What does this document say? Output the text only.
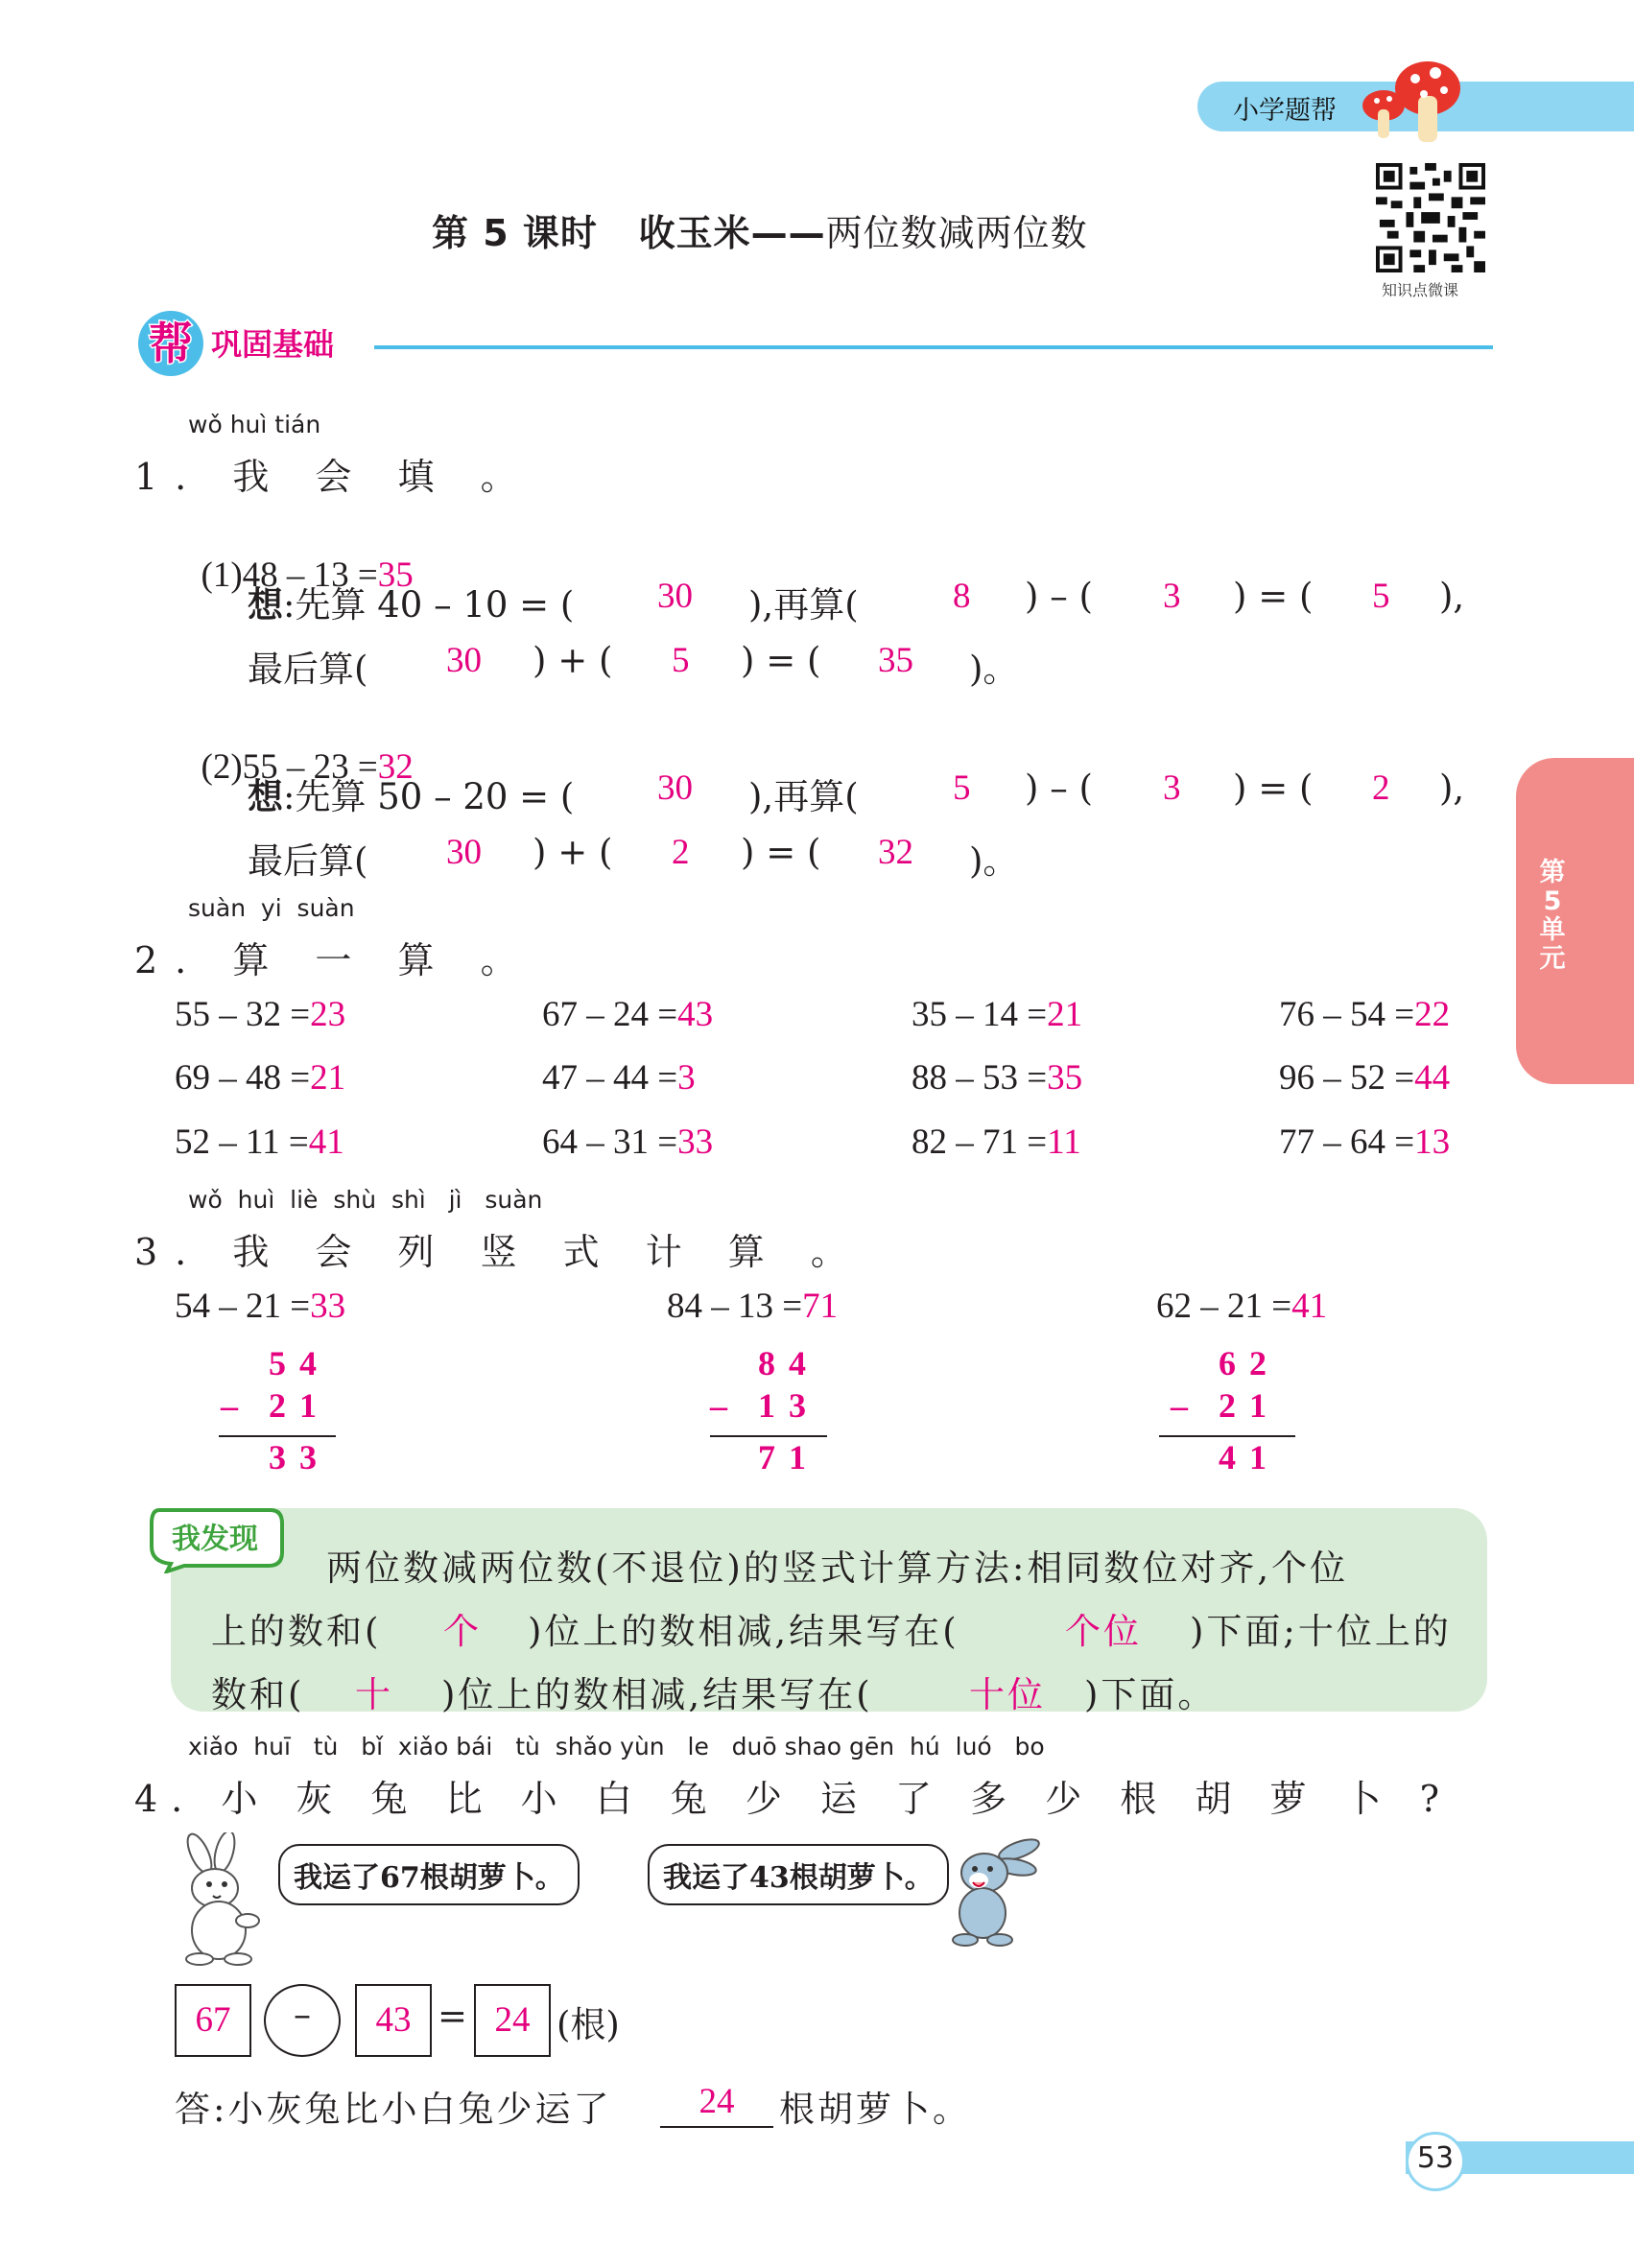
小学题帮
知识点微课
第 5 课时 收玉米——两位数减两位数
帮 巩固基础
第5单元
wǒ huì tián
1. 我 会 填 。

(1)48 – 13 =35

想:先算 40 – 10 = ( 30 ),再算(	8 ) – ( 3 ) = ( 5 ),
最后算( 30 ) + ( 5 ) = ( 35 )。

(2)55 – 23 =32

想:先算 50 – 20 = ( 30 ),再算(	5 ) – ( 3 ) = ( 2 ),
最后算( 30 ) + ( 2 ) = ( 32 )。
suàn  yi  suàn
2. 算 一 算 。
55 – 32 =23	67 – 24 =43	35 – 14 =21	76 – 54 =22
69 – 48 =21	47 – 44 =3	88 – 53 =35	96 – 52 =44
52 – 11 =41	64 – 31 =33	82 – 71 =11	77 – 64 =13
wǒ  huì  liè  shù  shì   jì   suàn
3. 我 会 列 竖 式 计 算 。
54 – 21 =33	84 – 13 =71	62 – 21 =41
54
– 21
33
84
– 13
71
62
– 21
41
我发现
两位数减两位数(不退位)的竖式计算方法:相同数位对齐,个位
上的数和( 个 )位上的数相减,结果写在(	个位 )下面;十位上的
数和( 十 )位上的数相减,结果写在(	十位 )下面。
xiǎo  huī   tù   bǐ  xiǎo bái   tù  shǎo yùn   le   duō shao gēn  hú  luó   bo
4. 小 灰 兔 比 小 白 兔 少 运 了 多 少 根 胡 萝 卜 ?
我运了67根胡萝卜。	我运了43根胡萝卜。
67	–	43 = 24 (根)
答:小灰兔比小白兔少运了	24	根胡萝卜。
53
